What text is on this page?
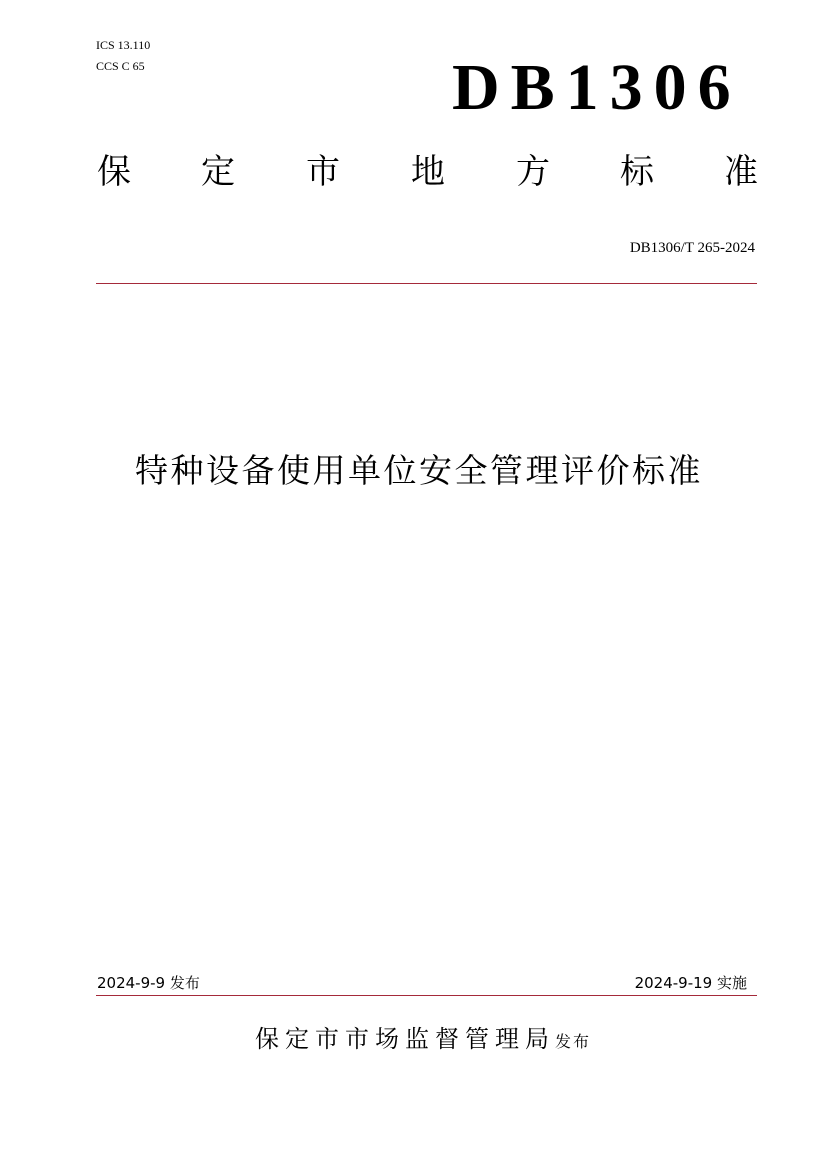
ICS 13.110
CCS C 65	DB1306
保 定 市 地 方 标 准
DB1306/T 265-2024
特种设备使用单位安全管理评价标准
2024-9-9 发布	2024-9-19 实施
保定市市场监督管理局发布
